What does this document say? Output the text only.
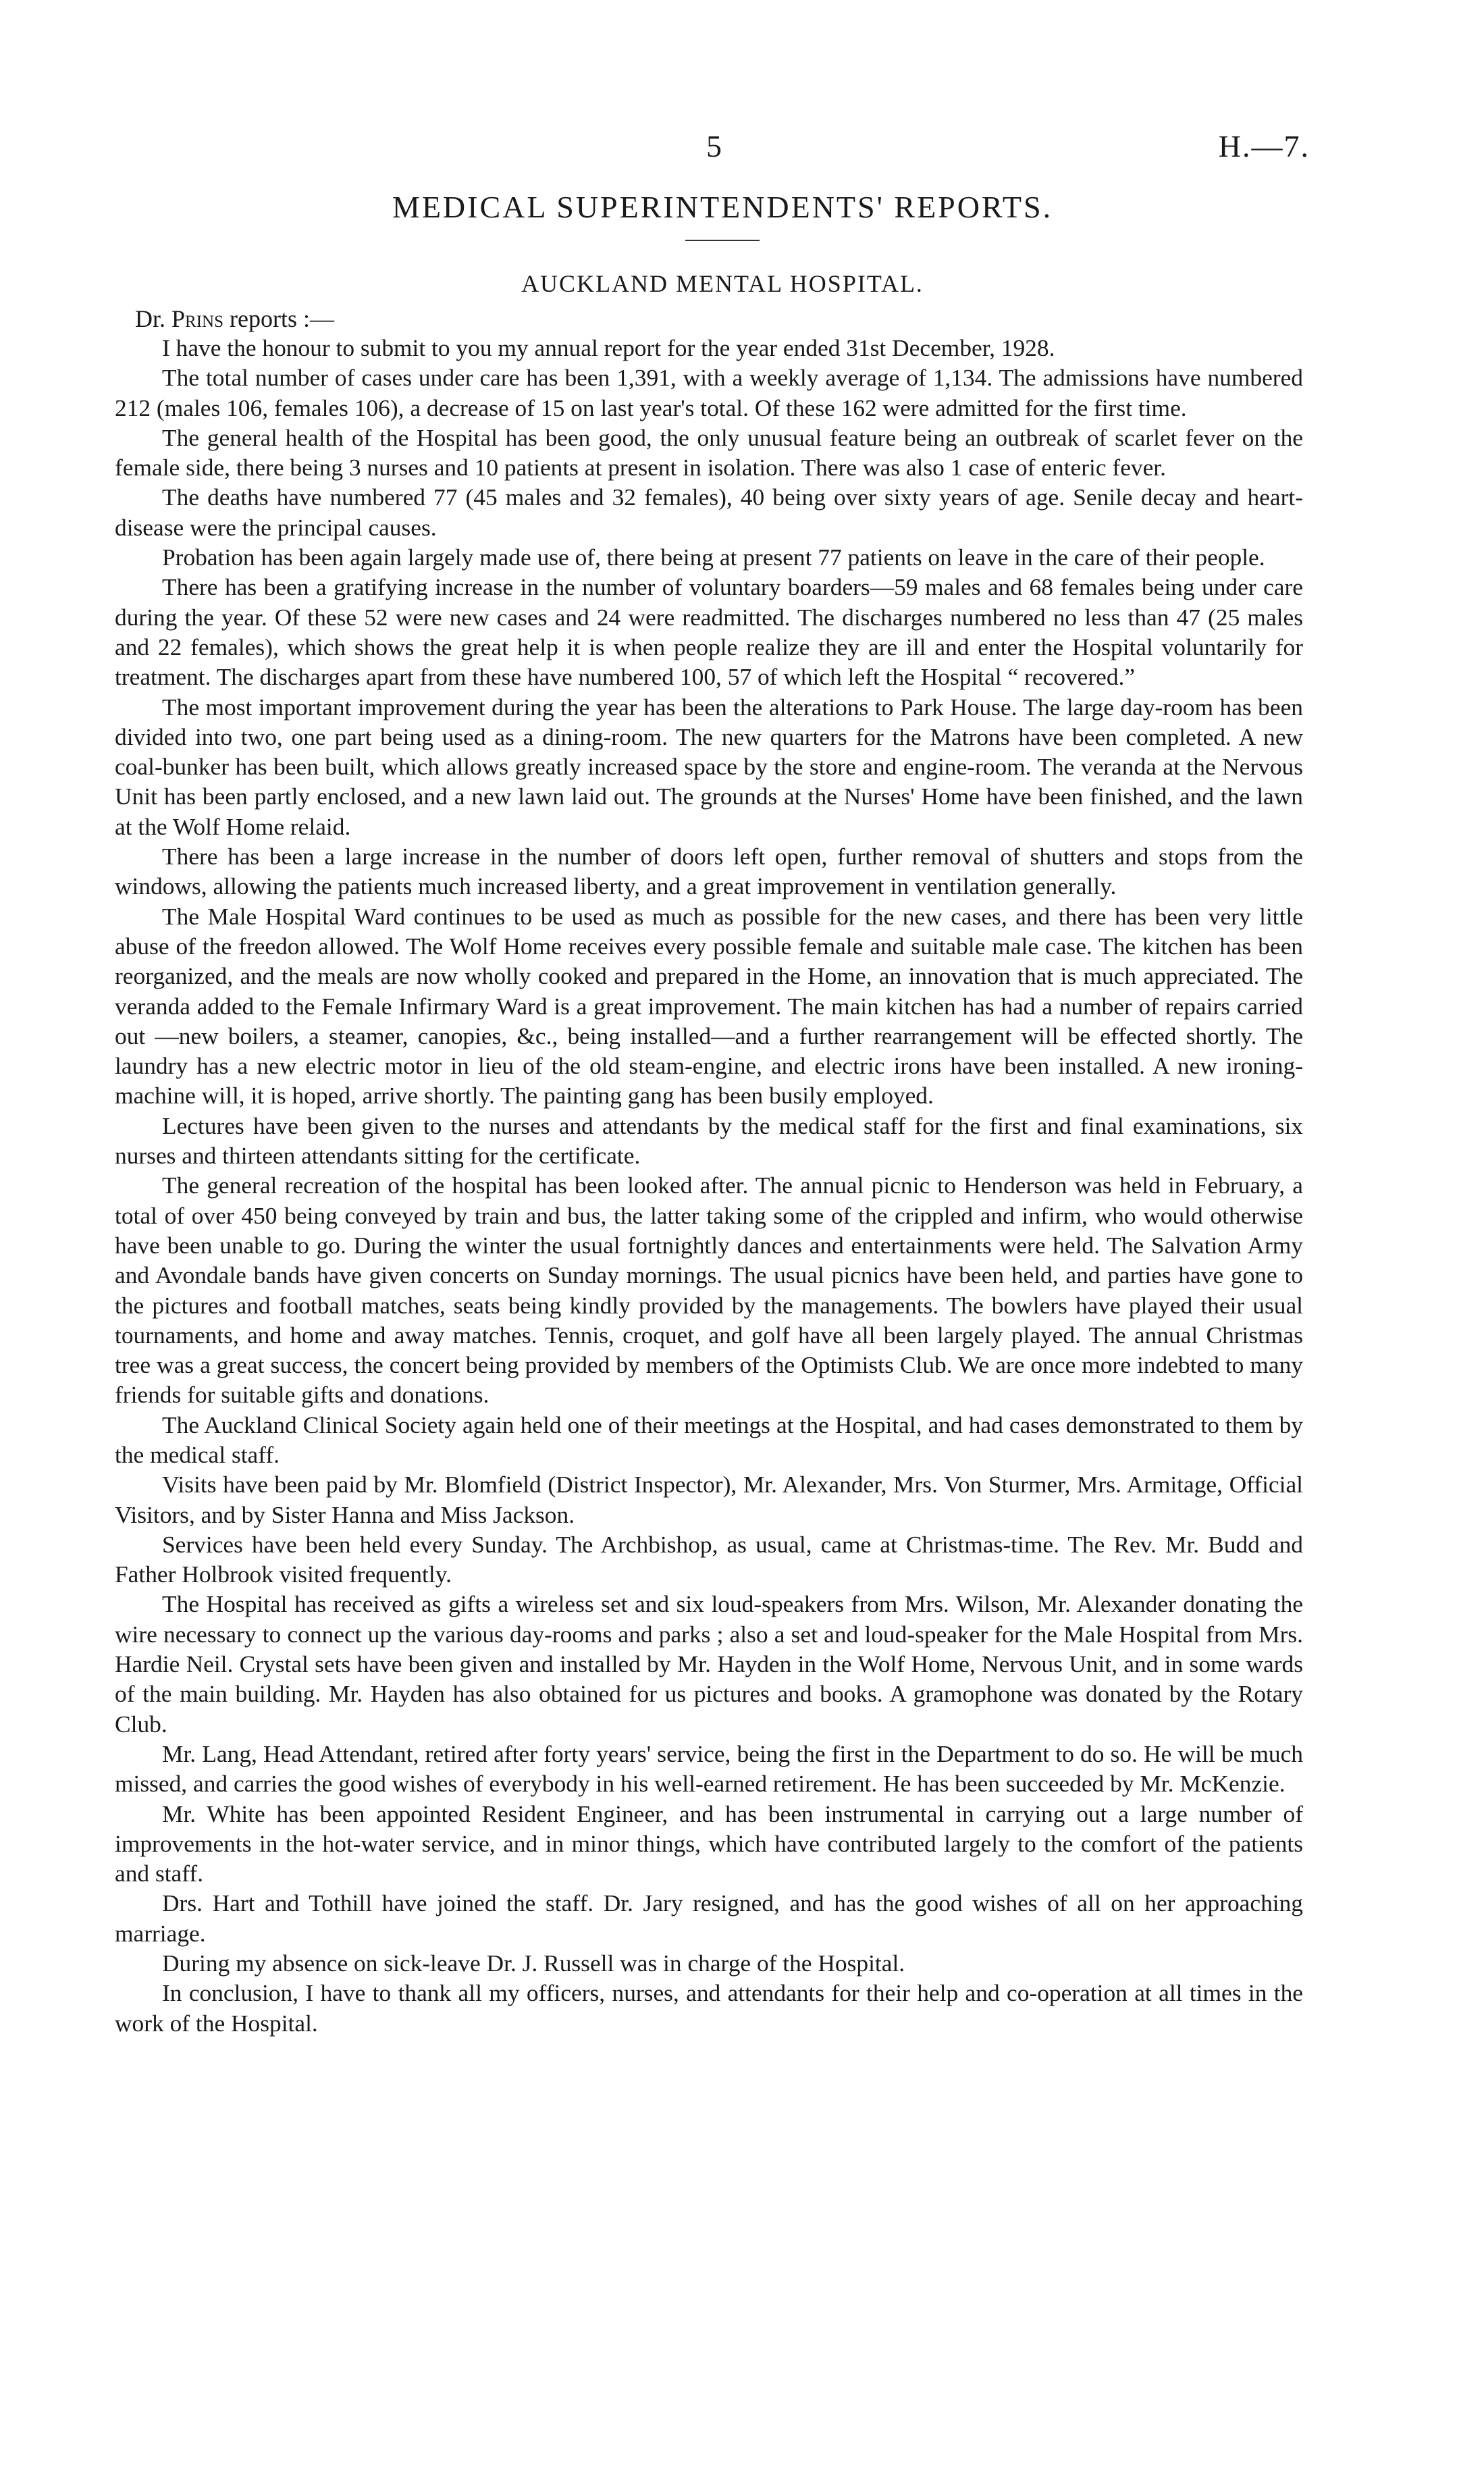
5	H.—7.
MEDICAL SUPERINTENDENTS' REPORTS.
AUCKLAND MENTAL HOSPITAL.
Dr. Prins reports :—

I have the honour to submit to you my annual report for the year ended 31st December, 1928.

The total number of cases under care has been 1,391, with a weekly average of 1,134. The admissions have numbered 212 (males 106, females 106), a decrease of 15 on last year's total. Of these 162 were admitted for the first time.

The general health of the Hospital has been good, the only unusual feature being an outbreak of scarlet fever on the female side, there being 3 nurses and 10 patients at present in isolation. There was also 1 case of enteric fever.

The deaths have numbered 77 (45 males and 32 females), 40 being over sixty years of age. Senile decay and heart-disease were the principal causes.

Probation has been again largely made use of, there being at present 77 patients on leave in the care of their people.

There has been a gratifying increase in the number of voluntary boarders—59 males and 68 females being under care during the year. Of these 52 were new cases and 24 were readmitted. The discharges numbered no less than 47 (25 males and 22 females), which shows the great help it is when people realize they are ill and enter the Hospital voluntarily for treatment. The discharges apart from these have numbered 100, 57 of which left the Hospital “ recovered.”

The most important improvement during the year has been the alterations to Park House. The large day-room has been divided into two, one part being used as a dining-room. The new quarters for the Matrons have been completed. A new coal-bunker has been built, which allows greatly increased space by the store and engine-room. The veranda at the Nervous Unit has been partly enclosed, and a new lawn laid out. The grounds at the Nurses' Home have been finished, and the lawn at the Wolf Home relaid.

There has been a large increase in the number of doors left open, further removal of shutters and stops from the windows, allowing the patients much increased liberty, and a great improvement in ventilation generally.

The Male Hospital Ward continues to be used as much as possible for the new cases, and there has been very little abuse of the freedon allowed. The Wolf Home receives every possible female and suitable male case. The kitchen has been reorganized, and the meals are now wholly cooked and prepared in the Home, an innovation that is much appreciated. The veranda added to the Female Infirmary Ward is a great improvement. The main kitchen has had a number of repairs carried out —new boilers, a steamer, canopies, &c., being installed—and a further rearrangement will be effected shortly. The laundry has a new electric motor in lieu of the old steam-engine, and electric irons have been installed. A new ironing-machine will, it is hoped, arrive shortly. The painting gang has been busily employed.

Lectures have been given to the nurses and attendants by the medical staff for the first and final examinations, six nurses and thirteen attendants sitting for the certificate.

The general recreation of the hospital has been looked after. The annual picnic to Henderson was held in February, a total of over 450 being conveyed by train and bus, the latter taking some of the crippled and infirm, who would otherwise have been unable to go. During the winter the usual fortnightly dances and entertainments were held. The Salvation Army and Avondale bands have given concerts on Sunday mornings. The usual picnics have been held, and parties have gone to the pictures and football matches, seats being kindly provided by the managements. The bowlers have played their usual tournaments, and home and away matches. Tennis, croquet, and golf have all been largely played. The annual Christmas tree was a great success, the concert being provided by members of the Optimists Club. We are once more indebted to many friends for suitable gifts and donations.

The Auckland Clinical Society again held one of their meetings at the Hospital, and had cases demonstrated to them by the medical staff.

Visits have been paid by Mr. Blomfield (District Inspector), Mr. Alexander, Mrs. Von Sturmer, Mrs. Armitage, Official Visitors, and by Sister Hanna and Miss Jackson.

Services have been held every Sunday. The Archbishop, as usual, came at Christmas-time. The Rev. Mr. Budd and Father Holbrook visited frequently.

The Hospital has received as gifts a wireless set and six loud-speakers from Mrs. Wilson, Mr. Alexander donating the wire necessary to connect up the various day-rooms and parks ; also a set and loud-speaker for the Male Hospital from Mrs. Hardie Neil. Crystal sets have been given and installed by Mr. Hayden in the Wolf Home, Nervous Unit, and in some wards of the main building. Mr. Hayden has also obtained for us pictures and books. A gramophone was donated by the Rotary Club.

Mr. Lang, Head Attendant, retired after forty years' service, being the first in the Department to do so. He will be much missed, and carries the good wishes of everybody in his well-earned retirement. He has been succeeded by Mr. McKenzie.

Mr. White has been appointed Resident Engineer, and has been instrumental in carrying out a large number of improvements in the hot-water service, and in minor things, which have contributed largely to the comfort of the patients and staff.

Drs. Hart and Tothill have joined the staff. Dr. Jary resigned, and has the good wishes of all on her approaching marriage.

During my absence on sick-leave Dr. J. Russell was in charge of the Hospital.

In conclusion, I have to thank all my officers, nurses, and attendants for their help and co-operation at all times in the work of the Hospital.
